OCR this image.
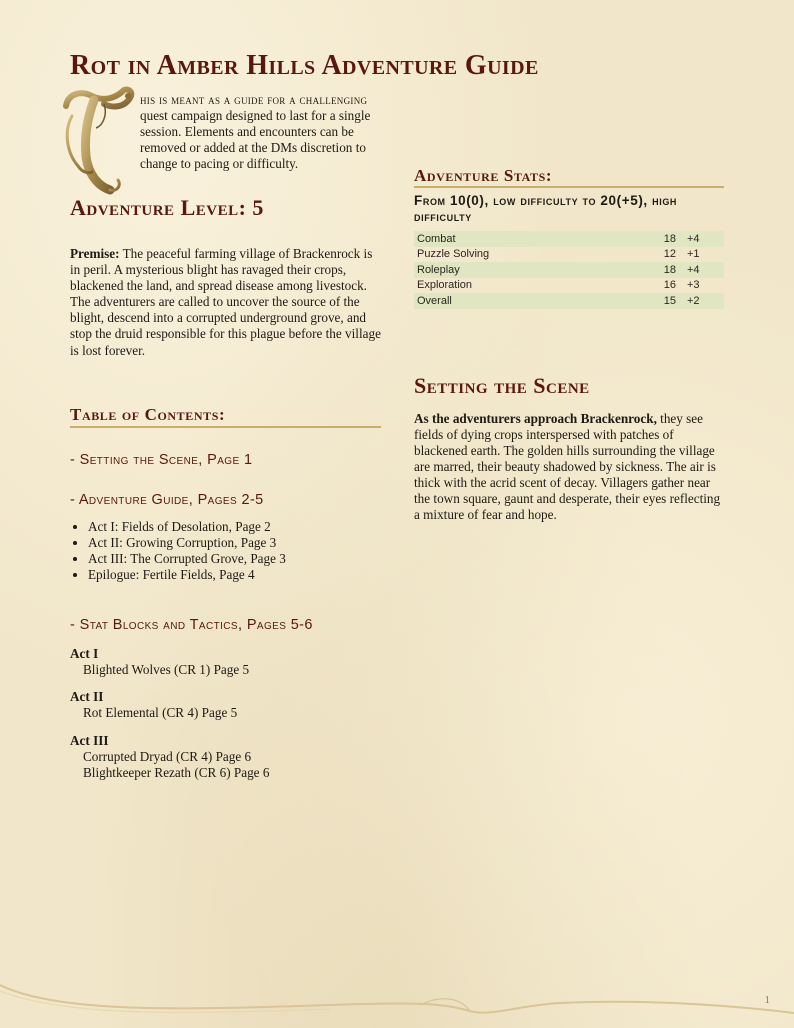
Rot in Amber Hills Adventure Guide
T

his is meant as a guide for a challenging
quest campaign designed to last for a single session. Elements and encounters can be removed or added at the DMs discretion to change to pacing or difficulty.

Adventure Level: 5

Premise: The peaceful farming village of Brackenrock is in peril. A mysterious blight has ravaged their crops, blackened the land, and spread disease among livestock. The adventurers are called to uncover the source of the blight, descend into a corrupted underground grove, and stop the druid responsible for this plague before the village is lost forever.

Table of Contents:
- Setting the Scene, Page 1
- Adventure Guide, Pages 2-5
• Act I: Fields of Desolation, Page 2
• Act II: Growing Corruption, Page 3
• Act III: The Corrupted Grove, Page 3
• Epilogue: Fertile Fields, Page 4
- Stat Blocks and Tactics, Pages 5-6
Act I
Blighted Wolves (CR 1) Page 5
Act II
Rot Elemental (CR 4) Page 5
Act III
Corrupted Dryad (CR 4) Page 6
Blightkeeper Rezath (CR 6) Page 6
Adventure Stats:
From 10(0), low difficulty to 20(+5), high difficulty
Combat	18	+4
Puzzle Solving	12	+1
Roleplay	18	+4
Exploration	16	+3
Overall	15	+2
Setting the Scene

As the adventurers approach Brackenrock, they see fields of dying crops interspersed with patches of blackened earth. The golden hills surrounding the village are marred, their beauty shadowed by sickness. The air is thick with the acrid scent of decay. Villagers gather near the town square, gaunt and desperate, their eyes reflecting a mixture of fear and hope.

1
